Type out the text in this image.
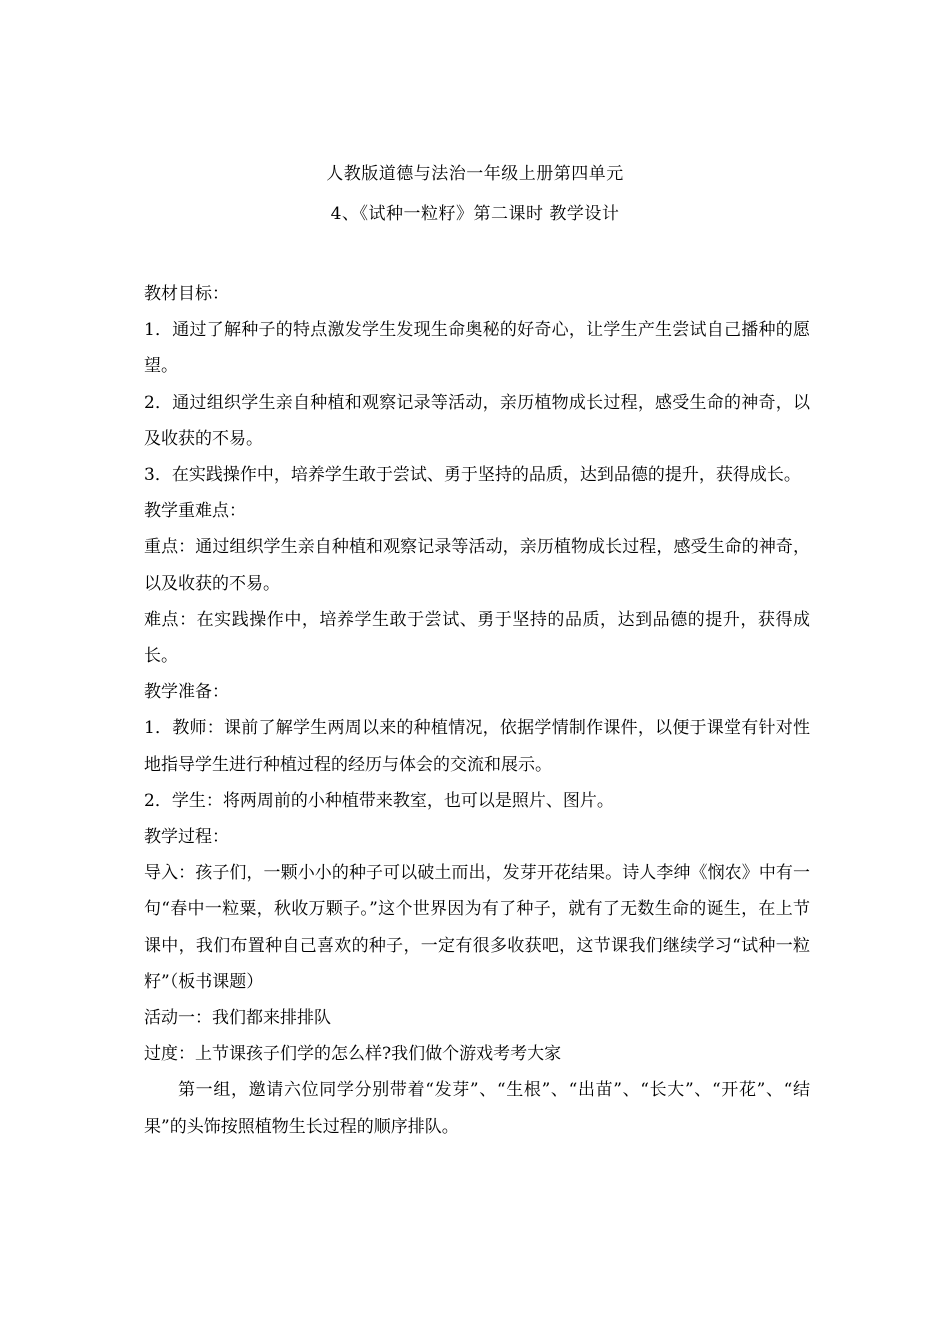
人教版道德与法治一年级上册第四单元
4、《试种一粒籽》第二课时 教学设计

教材目标：

1．通过了解种子的特点激发学生发现生命奥秘的好奇心，让学生产生尝试自己播种的愿望。

2．通过组织学生亲自种植和观察记录等活动，亲历植物成长过程，感受生命的神奇，以及收获的不易。

3．在实践操作中，培养学生敢于尝试、勇于坚持的品质，达到品德的提升，获得成长。

教学重难点：

重点：通过组织学生亲自种植和观察记录等活动，亲历植物成长过程，感受生命的神奇，以及收获的不易。

难点：在实践操作中，培养学生敢于尝试、勇于坚持的品质，达到品德的提升，获得成长。

教学准备：

1．教师：课前了解学生两周以来的种植情况，依据学情制作课件，以便于课堂有针对性地指导学生进行种植过程的经历与体会的交流和展示。

2．学生：将两周前的小种植带来教室，也可以是照片、图片。

教学过程：

导入：孩子们，一颗小小的种子可以破土而出，发芽开花结果。诗人李绅《悯农》中有一句“春中一粒粟，秋收万颗子。”这个世界因为有了种子，就有了无数生命的诞生，在上节课中，我们布置种自己喜欢的种子，一定有很多收获吧，这节课我们继续学习“试种一粒籽”（板书课题）

活动一：我们都来排排队

过度：上节课孩子们学的怎么样?我们做个游戏考考大家

第一组，邀请六位同学分别带着“发芽”、“生根”、“出苗”、“长大”、“开花”、“结果”的头饰按照植物生长过程的顺序排队。
